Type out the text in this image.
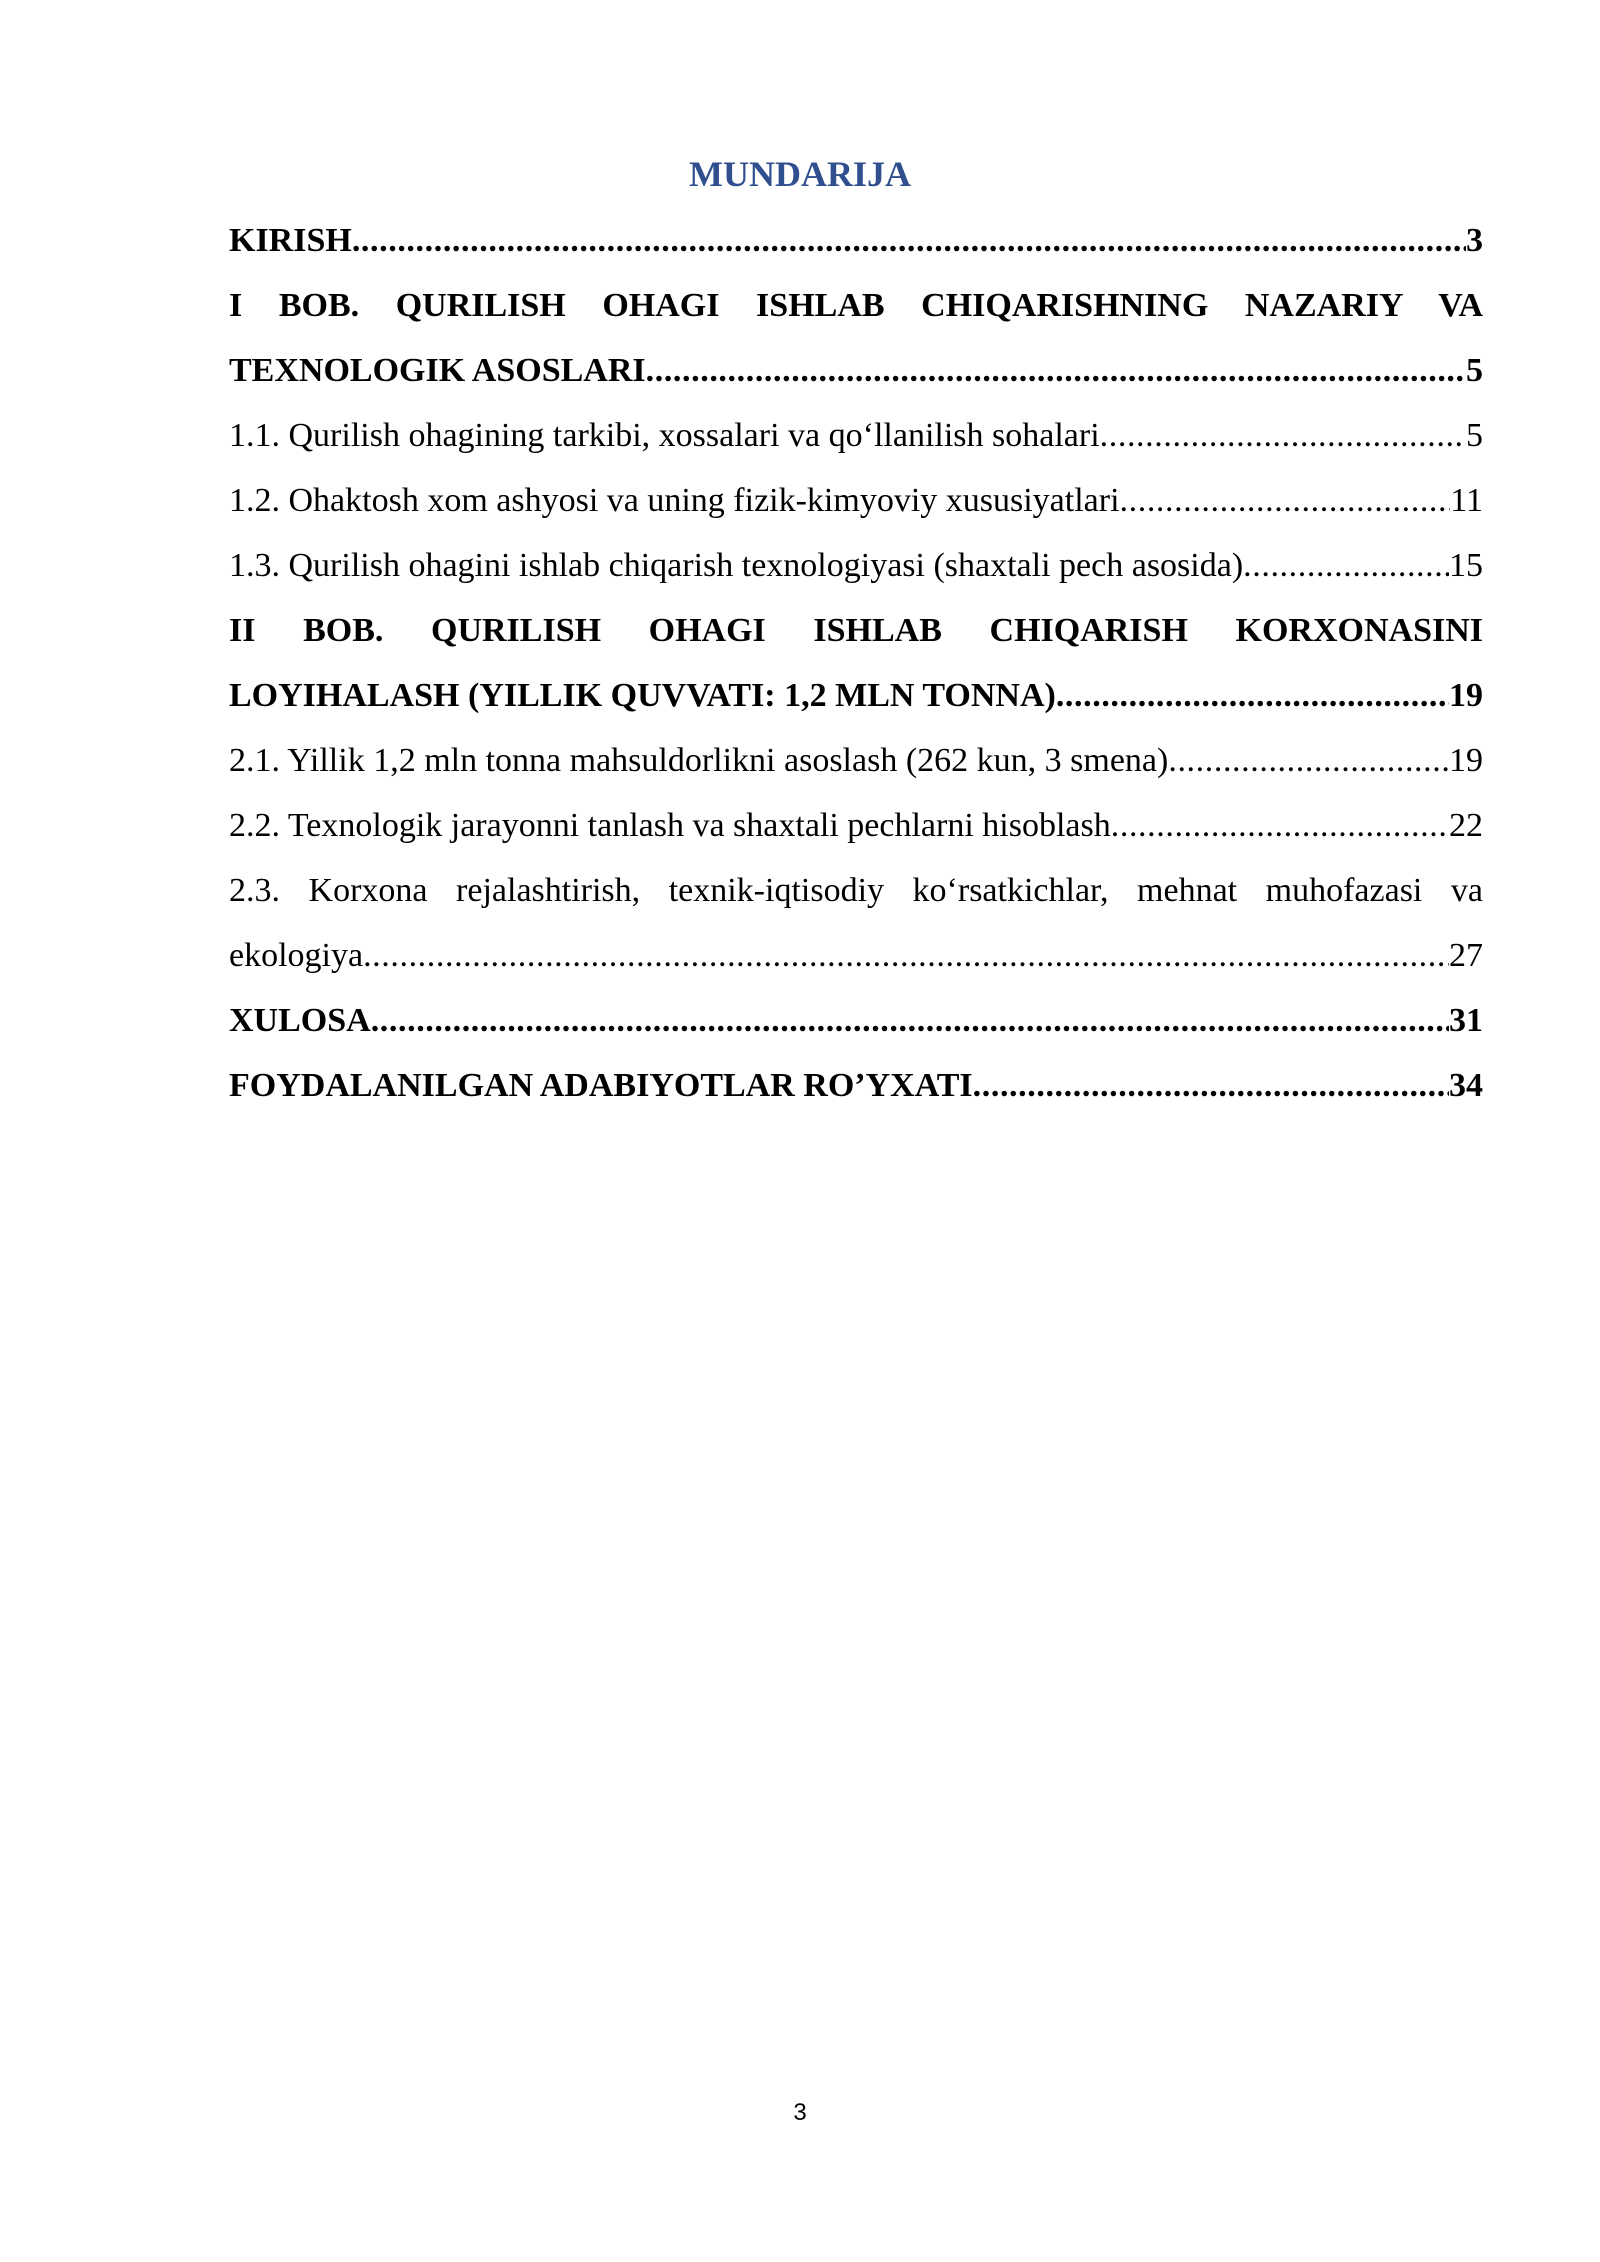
MUNDARIJA
KIRISH .....	3
I BOB. QURILISH OHAGI ISHLAB CHIQARISHNING NAZARIY VA
TEXNOLOGIK ASOSLARI .....	5
1.1. Qurilish ohagining tarkibi, xossalari va qo‘llanilish sohalari .....	5
1.2. Ohaktosh xom ashyosi va uning fizik-kimyoviy xususiyatlari .....	11
1.3. Qurilish ohagini ishlab chiqarish texnologiyasi (shaxtali pech asosida) .....	15
II BOB. QURILISH OHAGI ISHLAB CHIQARISH KORXONASINI
LOYIHALASH (YILLIK QUVVATI: 1,2 MLN TONNA) .....	19
2.1. Yillik 1,2 mln tonna mahsuldorlikni asoslash (262 kun, 3 smena) .....	19
2.2. Texnologik jarayonni tanlash va shaxtali pechlarni hisoblash .....	22
2.3. Korxona rejalashtirish, texnik-iqtisodiy ko‘rsatkichlar, mehnat muhofazasi va
ekologiya .....	27
XULOSA .....	31
FOYDALANILGAN ADABIYOTLAR RO’YXATI .....	34
3
